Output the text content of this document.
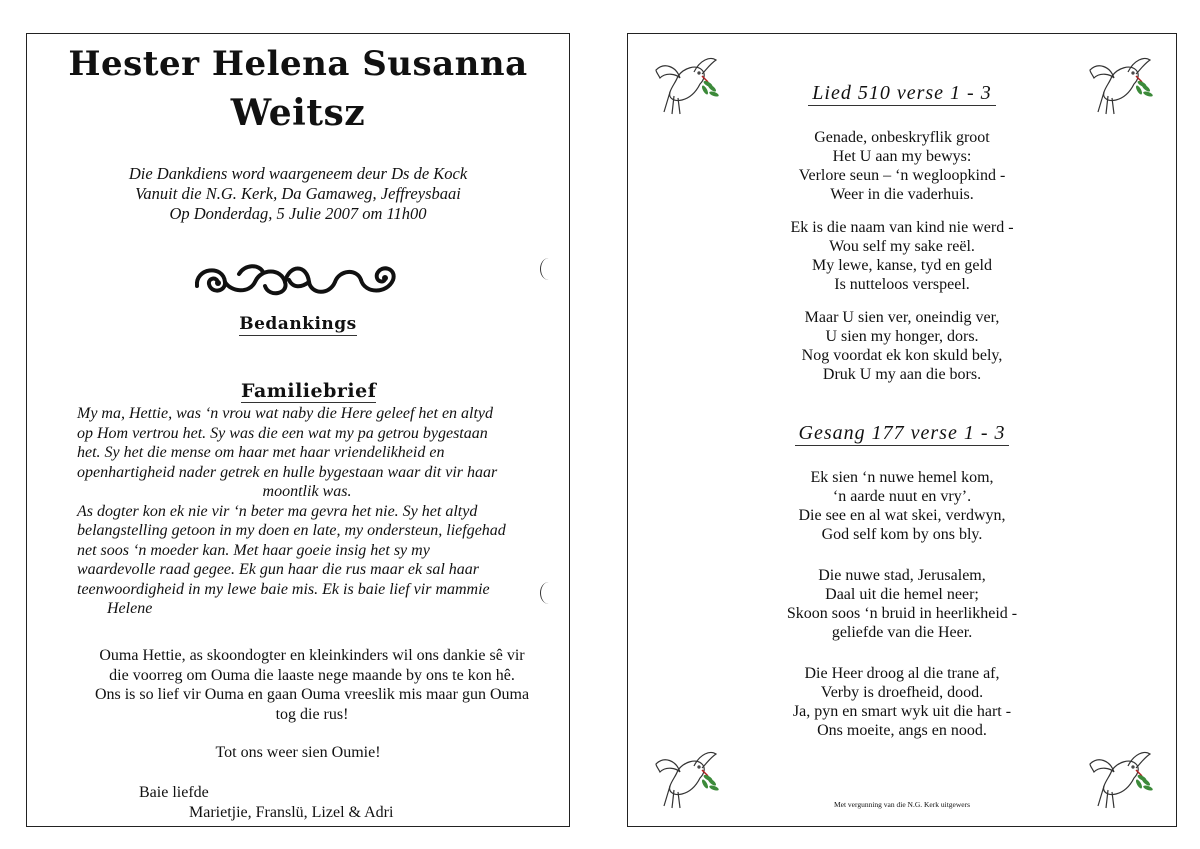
Hester Helena Susanna
Weitsz
Die Dankdiens word waargeneem deur Ds de Kock
Vanuit die N.G. Kerk, Da Gamaweg, Jeffreysbaai
Op Donderdag, 5 Julie 2007 om 11h00
Bedankings
Familiebrief

My ma, Hettie, was ‘n vrou wat naby die Here geleef het en altyd

op Hom vertrou het. Sy was die een wat my pa getrou bygestaan

het. Sy het die mense om haar met haar vriendelikheid en

openhartigheid nader getrek en hulle bygestaan waar dit vir haar

moontlik was.

As dogter kon ek nie vir ‘n beter ma gevra het nie. Sy het altyd

belangstelling getoon in my doen en late, my ondersteun, liefgehad

net soos ‘n moeder kan. Met haar goeie insig het sy my

waardevolle raad gegee. Ek gun haar die rus maar ek sal haar

teenwoordigheid in my lewe baie mis. Ek is baie lief vir mammie

Helene

Ouma Hettie, as skoondogter en kleinkinders wil ons dankie sê vir
die voorreg om Ouma die laaste nege maande by ons te kon hê.
Ons is so lief vir Ouma en gaan Ouma vreeslik mis maar gun Ouma
tog die rus!
Tot ons weer sien Oumie!
Baie liefde
Marietjie, Franslü, Lizel & Adri
Lied 510 verse 1 - 3
Genade, onbeskryflik groot
Het U aan my bewys:
Verlore seun – ‘n wegloopkind -
Weer in die vaderhuis.
Ek is die naam van kind nie werd -
Wou self my sake reël.
My lewe, kanse, tyd en geld
Is nutteloos verspeel.
Maar U sien ver, oneindig ver,
U sien my honger, dors.
Nog voordat ek kon skuld bely,
Druk U my aan die bors.
Gesang 177 verse 1 - 3
Ek sien ‘n nuwe hemel kom,
‘n aarde nuut en vry’.
Die see en al wat skei, verdwyn,
God self kom by ons bly.
Die nuwe stad, Jerusalem,
Daal uit die hemel neer;
Skoon soos ‘n bruid in heerlikheid -
geliefde van die Heer.
Die Heer droog al die trane af,
Verby is droefheid, dood.
Ja, pyn en smart wyk uit die hart -
Ons moeite, angs en nood.
Met vergunning van die N.G. Kerk uitgewers
